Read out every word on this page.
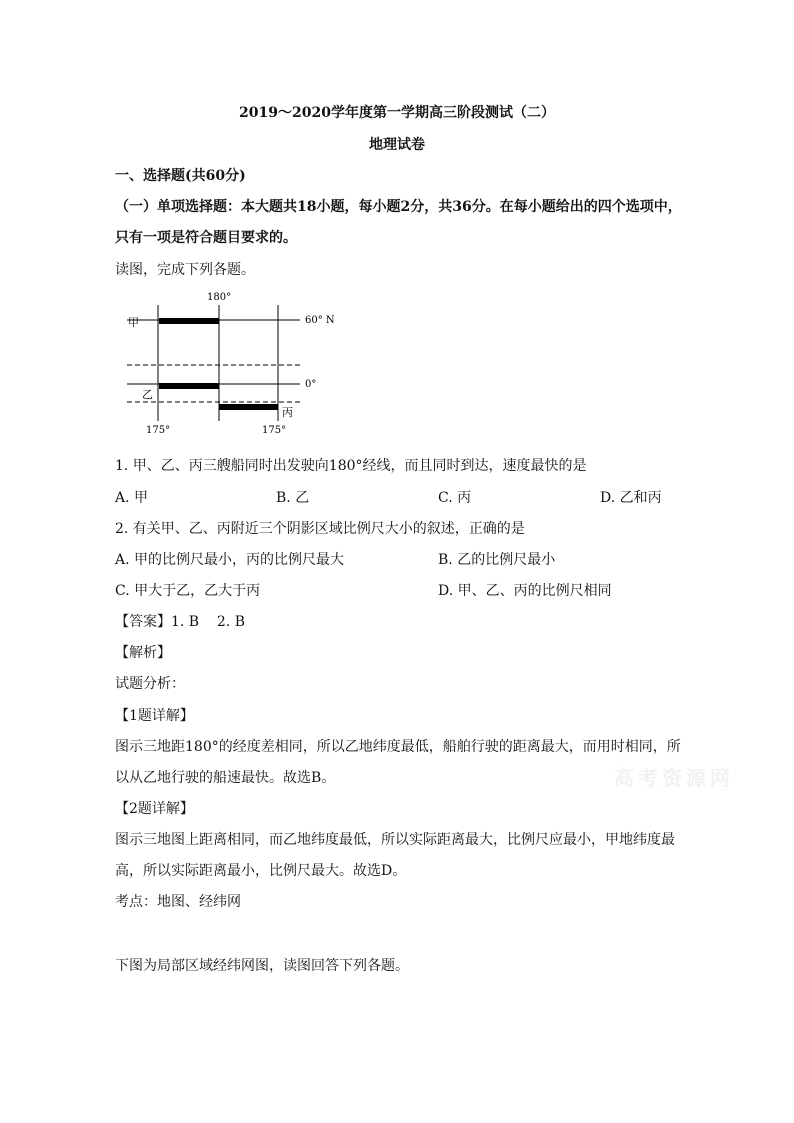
2019～2020学年度第一学期高三阶段测试（二）
地理试卷
一、选择题(共60分)
（一）单项选择题：本大题共18小题，每小题2分，共36分。在每小题给出的四个选项中，
只有一项是符合题目要求的。
读图，完成下列各题。
180°
60° N
0°
甲
乙
丙
175°	175°
1. 甲、乙、丙三艘船同时出发驶向180°经线，而且同时到达，速度最快的是
A. 甲	B. 乙	C. 丙	D. 乙和丙
2. 有关甲、乙、丙附近三个阴影区域比例尺大小的叙述，正确的是
A. 甲的比例尺最小，丙的比例尺最大	B. 乙的比例尺最小
C. 甲大于乙，乙大于丙	D. 甲、乙、丙的比例尺相同
【答案】1. B    2. B
【解析】
试题分析：
【1题详解】
图示三地距180°的经度差相同，所以乙地纬度最低，船舶行驶的距离最大，而用时相同，所
以从乙地行驶的船速最快。故选B。
【2题详解】
图示三地图上距离相同，而乙地纬度最低，所以实际距离最大，比例尺应最小，甲地纬度最
高，所以实际距离最小，比例尺最大。故选D。
考点：地图、经纬网
下图为局部区域经纬网图，读图回答下列各题。
高考资源网
